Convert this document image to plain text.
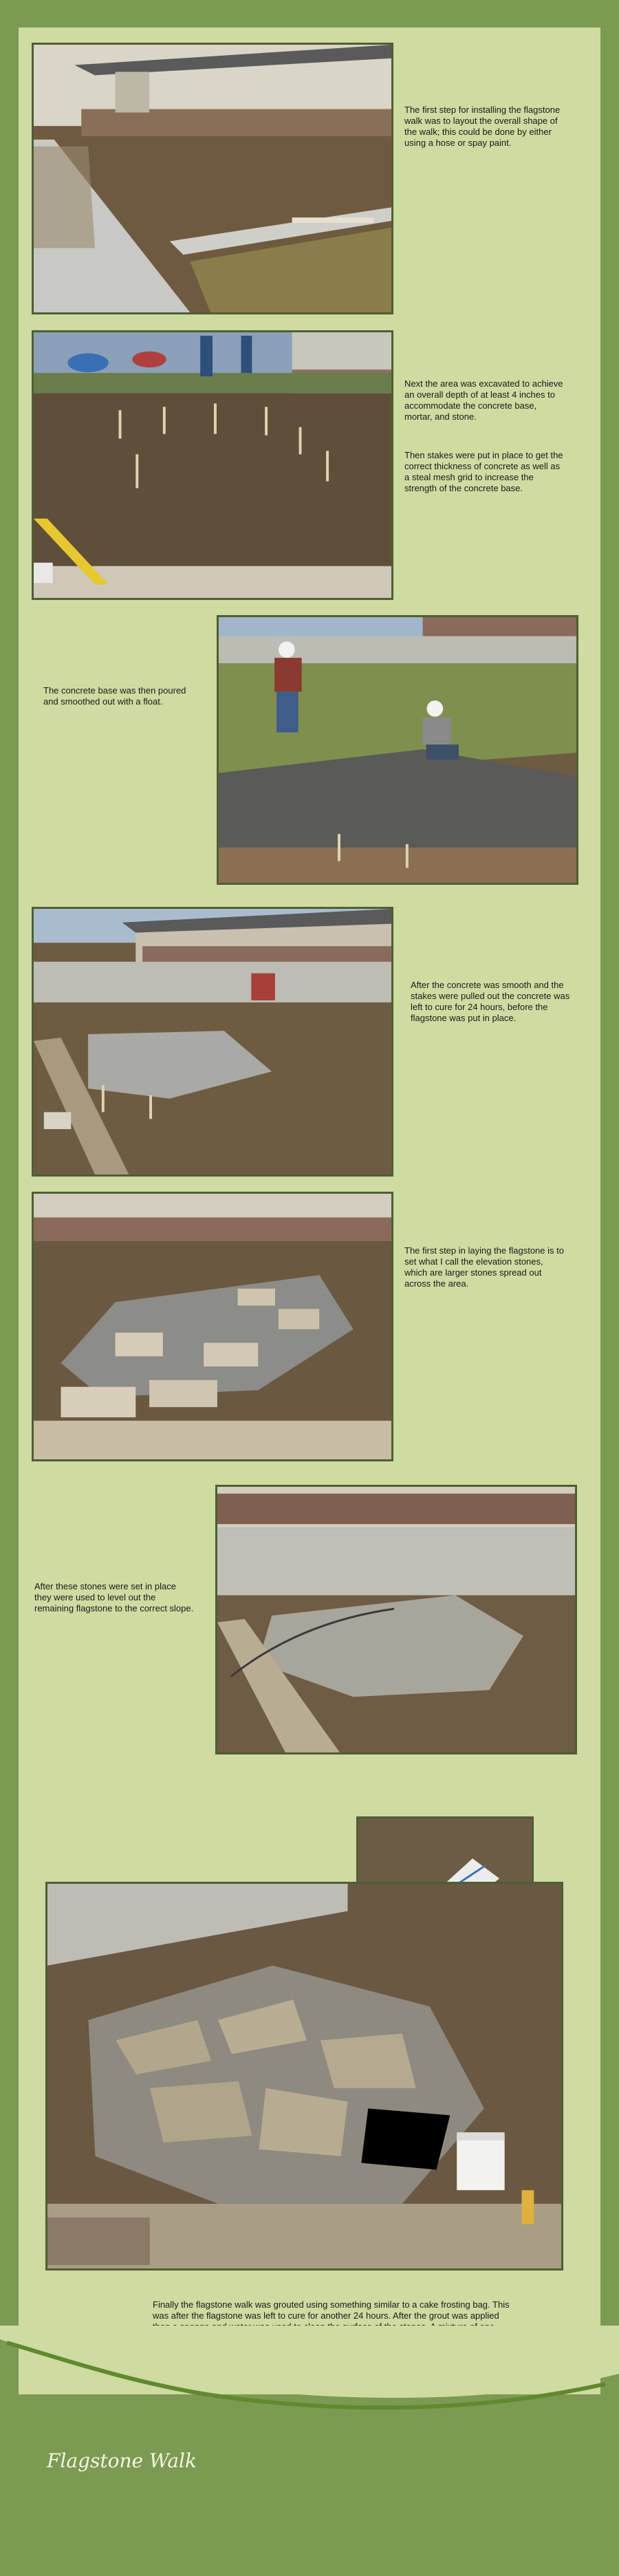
The first step for installing the flagstone walk was to layout the overall shape of the walk; this could be done by either using a hose or spay paint.

Next the area was excavated to achieve an overall depth of at least 4 inches to accommodate the concrete base, mortar, and stone.

Then stakes were put in place to get the correct thickness of concrete as well as a steal mesh grid to increase the strength of the concrete base.

The concrete base was then poured and smoothed out with a float.

After the concrete was smooth and the stakes were pulled out the concrete was left to cure for 24 hours, before the flagstone was put in place.

The first step in laying the flagstone is to set what I call the elevation stones, which are larger stones spread out across the area.

After these stones were set in place they were used to level out the remaining flagstone to the correct slope.

Finally the flagstone walk was grouted using something similar to a cake frosting bag. This was after the flagstone was left to cure for another 24 hours. After the grout was applied

Flagstone Walk
